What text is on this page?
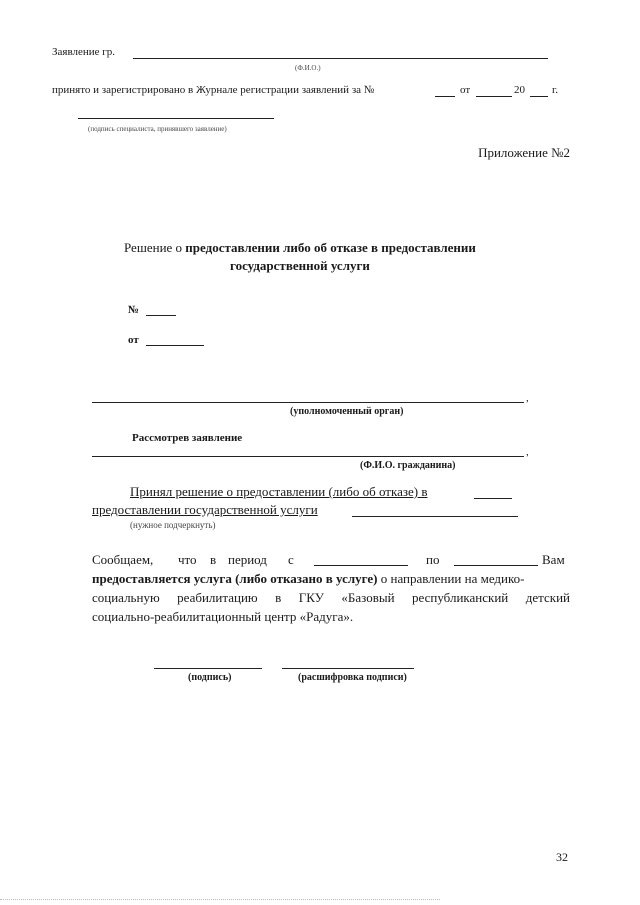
Заявление гр.
(Ф.И.О.)
принято и зарегистрировано в Журнале регистрации заявлений за №	от	20 г.
(подпись специалиста, принявшего заявление)
Приложение №2
Решение о предоставлении либо об отказе в предоставлении
государственной услуги
№
от
,
(уполномоченный орган)
Рассмотрев заявление
,
(Ф.И.О. гражданина)
Принял решение о предоставлении (либо об отказе) в
предоставлении государственной услуги
(нужное подчеркнуть)
Сообщаем, что в период с	по	Вам
предоставляется услуга (либо отказано в услуге) о направлении на медико-
социальную реабилитацию в ГКУ «Базовый республиканский детский
социально-реабилитационный центр «Радуга».
(подпись)	(расшифровка подписи)
32
